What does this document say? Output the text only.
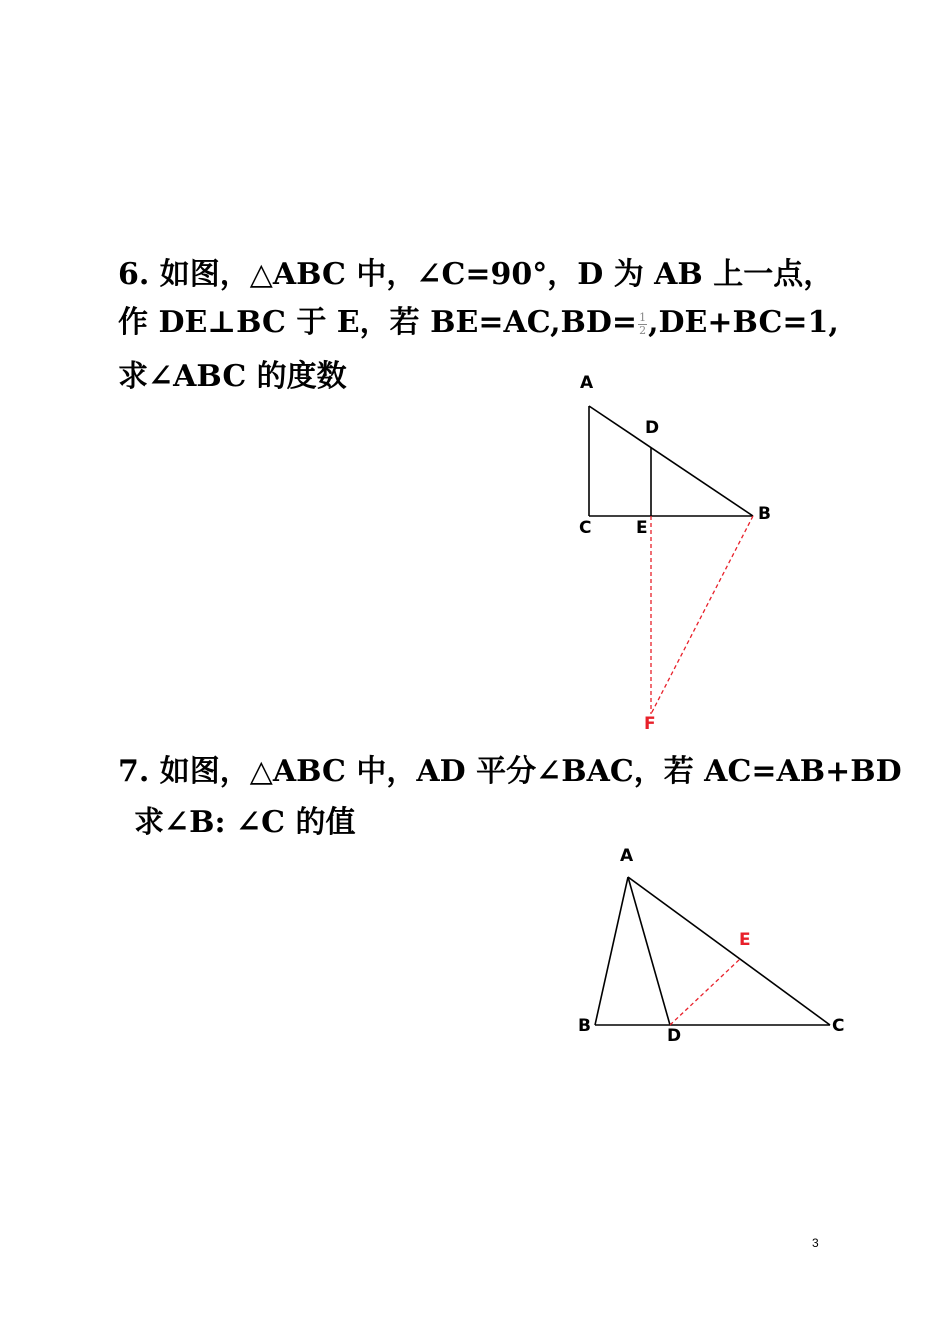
6. 如图，△ABC 中，∠C=90°，D 为 AB 上一点，
作 DE⊥BC 于 E，若 $BE=AC,BD= \frac{1}{2} ,DE+BC=1$,
求∠ABC 的度数	A
D
C	E
B
F
7. 如图，△ABC 中，AD 平分∠BAC，若 AC=AB+BD
求∠B: ∠C 的值
A
E
B	D	C
3
